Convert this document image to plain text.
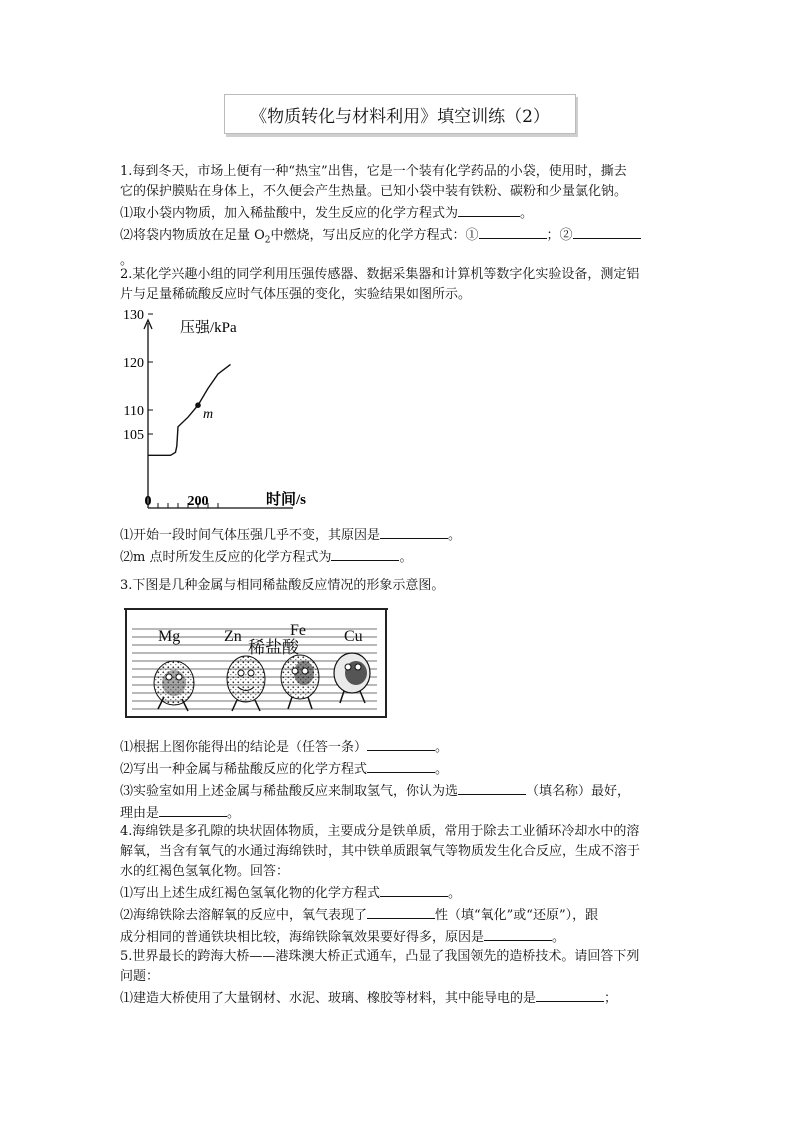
《物质转化与材料利用》填空训练（2）
1.每到冬天，市场上便有一种“热宝”出售，它是一个装有化学药品的小袋，使用时，撕去
它的保护膜贴在身体上，不久便会产生热量。已知小袋中装有铁粉、碳粉和少量氯化钠。
⑴取小袋内物质，加入稀盐酸中，发生反应的化学方程式为	。
⑵将袋内物质放在足量 $O_2$中燃烧，写出反应的化学方程式：①	；②
。
2.某化学兴趣小组的同学利用压强传感器、数据采集器和计算机等数字化实验设备，测定铝
片与足量稀硫酸反应时气体压强的变化，实验结果如图所示。
130
120
110
105
0	200
压强/kPa
时间/s
m
⑴开始一段时间气体压强几乎不变，其原因是	。
⑵m 点时所发生反应的化学方程式为	。
3.下图是几种金属与相同稀盐酸反应情况的形象示意图。
Mg	Zn	Fe Cu
稀盐酸
⑴根据上图你能得出的结论是（任答一条）	。
⑵写出一种金属与稀盐酸反应的化学方程式	。
⑶实验室如用上述金属与稀盐酸反应来制取氢气，你认为选	（填名称）最好，
理由是	。
4.海绵铁是多孔隙的块状固体物质，主要成分是铁单质，常用于除去工业循环冷却水中的溶
解氧，当含有氧气的水通过海绵铁时，其中铁单质跟氧气等物质发生化合反应，生成不溶于
水的红褐色氢氧化物。回答：
⑴写出上述生成红褐色氢氧化物的化学方程式	。
⑵海绵铁除去溶解氧的反应中，氧气表现了	性（填“氧化”或“还原”），跟
成分相同的普通铁块相比较，海绵铁除氧效果要好得多，原因是	。
5.世界最长的跨海大桥——港珠澳大桥正式通车，凸显了我国领先的造桥技术。请回答下列
问题：
⑴建造大桥使用了大量钢材、水泥、玻璃、橡胶等材料，其中能导电的是	；
